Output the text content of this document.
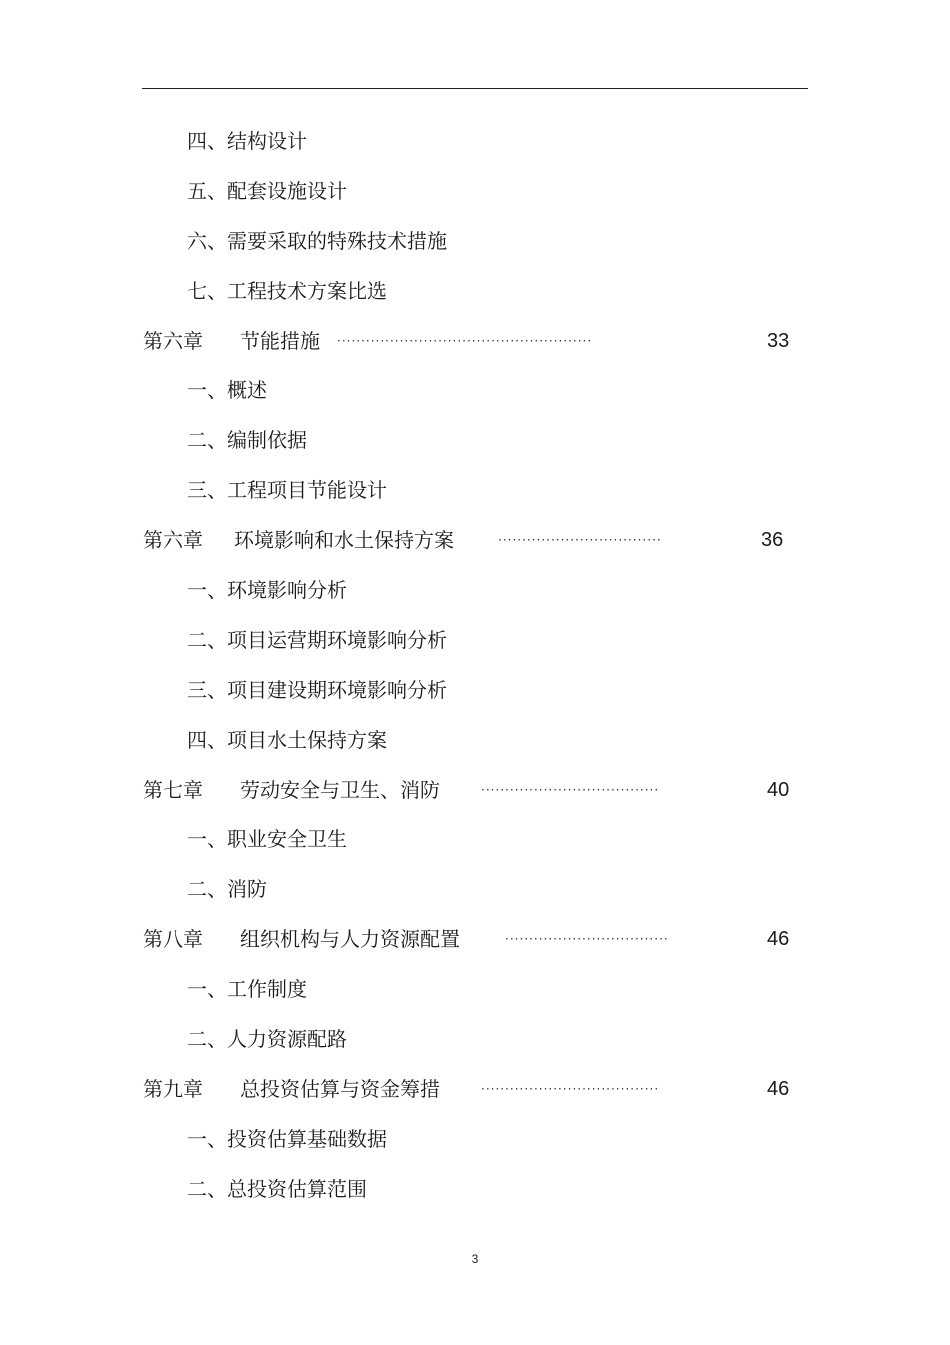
四、结构设计
五、配套设施设计
六、需要采取的特殊技术措施
七、工程技术方案比选
第六章 节能措施 ·····················································	33
一、概述
二、编制依据
三、工程项目节能设计
第六章 环境影响和水土保持方案	··································	36
一、环境影响分析
二、项目运营期环境影响分析
三、项目建设期环境影响分析
四、项目水土保持方案
第七章 劳动安全与卫生、消防	·····································	40
一、职业安全卫生
二、消防
第八章 组织机构与人力资源配置	··································	46
一、工作制度
二、人力资源配路
第九章 总投资估算与资金筹措	·····································	46
一、投资估算基础数据
二、总投资估算范围
3
